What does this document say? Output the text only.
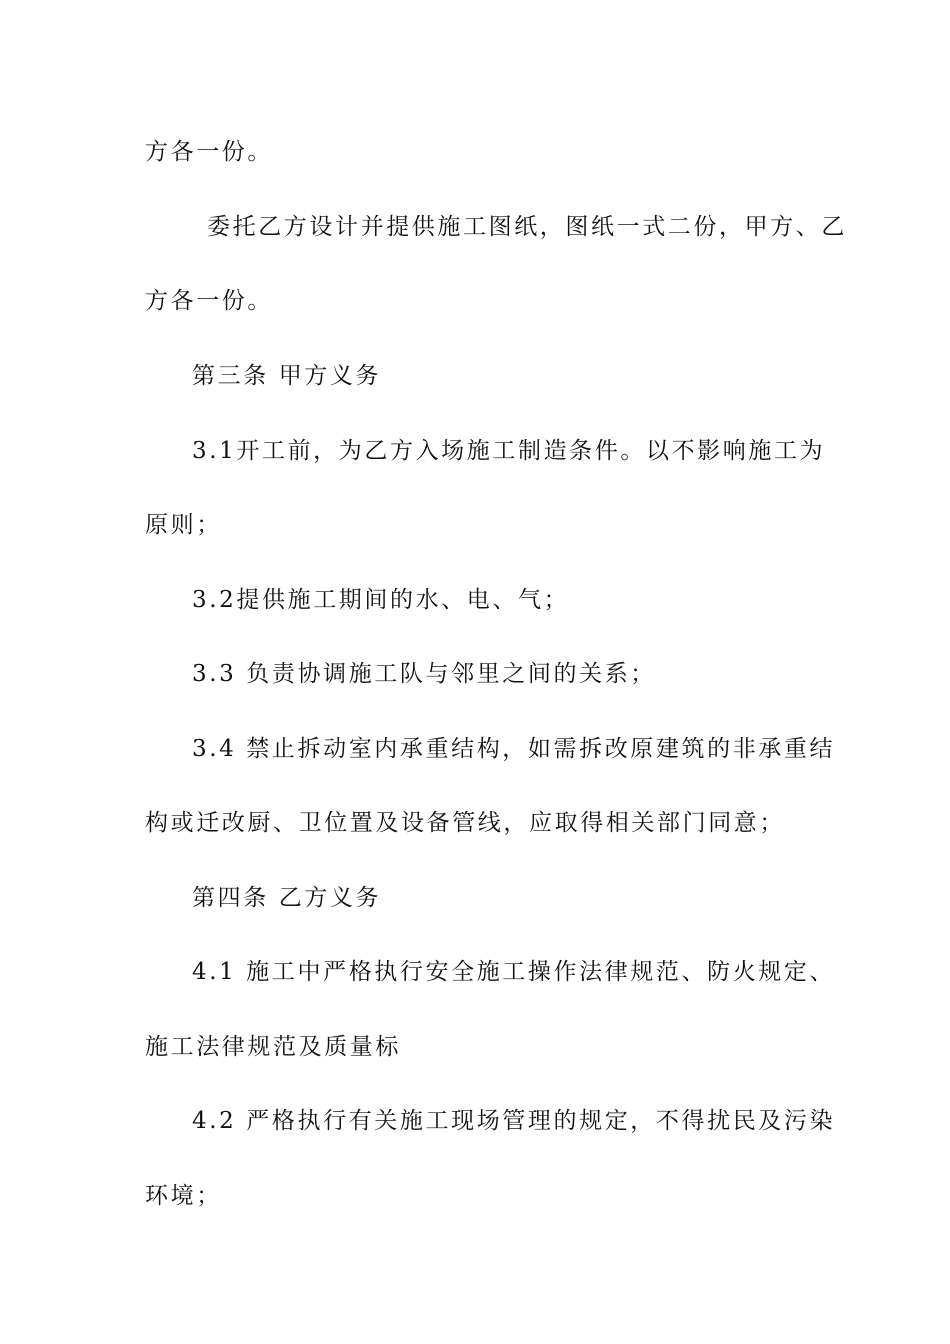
方各一份。
委托乙方设计并提供施工图纸，图纸一式二份，甲方、乙
方各一份。
第三条 甲方义务
3.1开工前，为乙方入场施工制造条件。以不影响施工为
原则；
3.2提供施工期间的水、电、气；
3.3 负责协调施工队与邻里之间的关系；
3.4 禁止拆动室内承重结构，如需拆改原建筑的非承重结
构或迁改厨、卫位置及设备管线，应取得相关部门同意；
第四条 乙方义务
4.1 施工中严格执行安全施工操作法律规范、防火规定、
施工法律规范及质量标
4.2 严格执行有关施工现场管理的规定，不得扰民及污染
环境；
